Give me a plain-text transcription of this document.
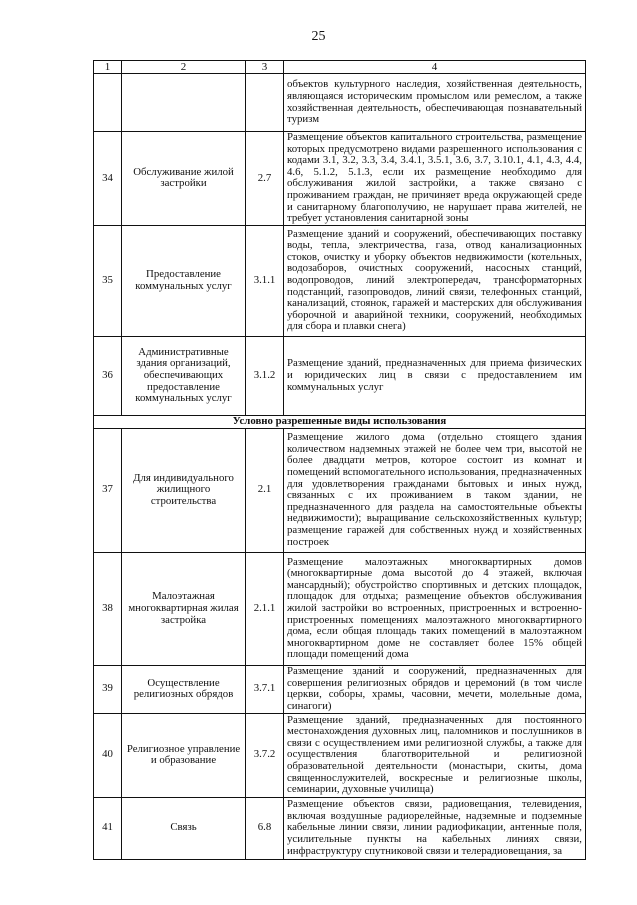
25
1	2	3	4
			объектов культурного наследия, хозяйственная деятельность, являющаяся историческим промыслом или ремеслом, а также хозяйственная деятельность, обеспечивающая познавательный туризм
34	Обслуживание жилой застройки	2.7	Размещение объектов капитального строительства, размещение которых предусмотрено видами разрешенного использования с кодами 3.1, 3.2, 3.3, 3.4, 3.4.1, 3.5.1, 3.6, 3.7, 3.10.1, 4.1, 4.3, 4.4, 4.6, 5.1.2, 5.1.3, если их размещение необходимо для обслуживания жилой застройки, а также связано с проживанием граждан, не причиняет вреда окружающей среде и санитарному благополучию, не нарушает права жителей, не требует установления санитарной зоны
35	Предоставление коммунальных услуг	3.1.1	Размещение зданий и сооружений, обеспечивающих поставку воды, тепла, электричества, газа, отвод канализационных стоков, очистку и уборку объектов недвижимости (котельных, водозаборов, очистных сооружений, насосных станций, водопроводов, линий электропередач, трансформаторных подстанций, газопроводов, линий связи, телефонных станций, канализаций, стоянок, гаражей и мастерских для обслуживания уборочной и аварийной техники, сооружений, необходимых для сбора и плавки снега)
36	Административные здания организаций, обеспечивающих предоставление коммунальных услуг	3.1.2	Размещение зданий, предназначенных для приема физических и юридических лиц в связи с предоставлением им коммунальных услуг
Условно разрешенные виды использования			
37	Для индивидуального жилищного строительства	2.1	Размещение жилого дома (отдельно стоящего здания количеством надземных этажей не более чем три, высотой не более двадцати метров, которое состоит из комнат и помещений вспомогательного использования, предназначенных для удовлетворения гражданами бытовых и иных нужд, связанных с их проживанием в таком здании, не предназначенного для раздела на самостоятельные объекты недвижимости); выращивание сельскохозяйственных культур; размещение гаражей для собственных нужд и хозяйственных построек
38	Малоэтажная многоквартирная жилая застройка	2.1.1	Размещение малоэтажных многоквартирных домов (многоквартирные дома высотой до 4 этажей, включая мансардный); обустройство спортивных и детских площадок, площадок для отдыха; размещение объектов обслуживания жилой застройки во встроенных, пристроенных и встроенно-пристроенных помещениях малоэтажного многоквартирного дома, если общая площадь таких помещений в малоэтажном многоквартирном доме не составляет более 15% общей площади помещений дома
39	Осуществление религиозных обрядов	3.7.1	Размещение зданий и сооружений, предназначенных для совершения религиозных обрядов и церемоний (в том числе церкви, соборы, храмы, часовни, мечети, молельные дома, синагоги)
40	Религиозное управление и образование	3.7.2	Размещение зданий, предназначенных для постоянного местонахождения духовных лиц, паломников и послушников в связи с осуществлением ими религиозной службы, а также для осуществления благотворительной и религиозной образовательной деятельности (монастыри, скиты, дома священнослужителей, воскресные и религиозные школы, семинарии, духовные училища)
41	Связь	6.8	Размещение объектов связи, радиовещания, телевидения, включая воздушные радиорелейные, надземные и подземные кабельные линии связи, линии радиофикации, антенные поля, усилительные пункты на кабельных линиях связи, инфраструктуру спутниковой связи и телерадиовещания, за
